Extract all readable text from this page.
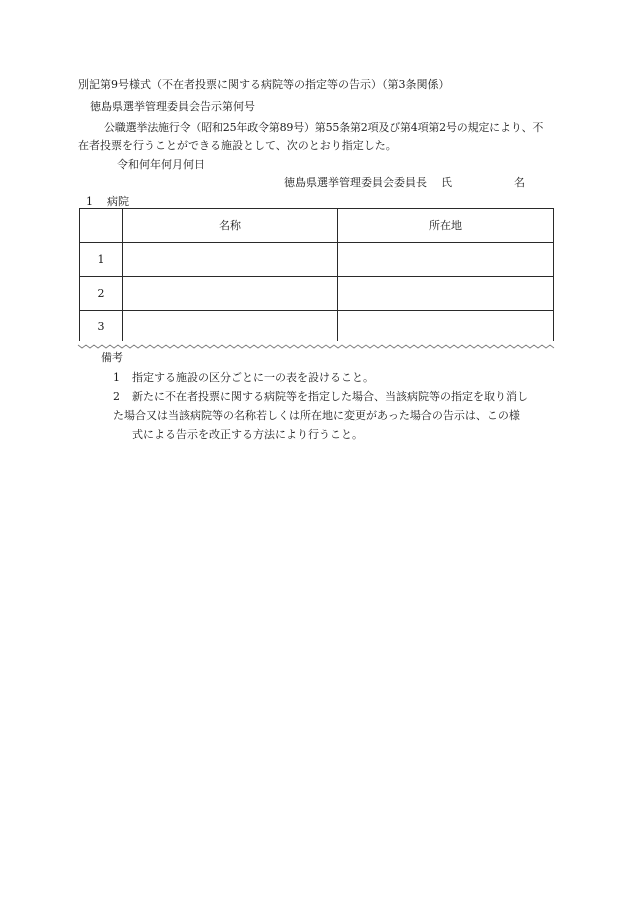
別記第9号様式（不在者投票に関する病院等の指定等の告示）（第3条関係）
徳島県選挙管理委員会告示第何号
公職選挙法施行令（昭和25年政令第89号）第55条第2項及び第4項第2号の規定により、不
在者投票を行うことができる施設として、次のとおり指定した。
令和何年何月何日
徳島県選挙管理委員会委員長 氏	名
1 病院
	名称	所在地
1		
2		
3		
備考
1 指定する施設の区分ごとに一の表を設けること。
2 新たに不在者投票に関する病院等を指定した場合、当該病院等の指定を取り消し
た場合又は当該病院等の名称若しくは所在地に変更があった場合の告示は、この様
式による告示を改正する方法により行うこと。
